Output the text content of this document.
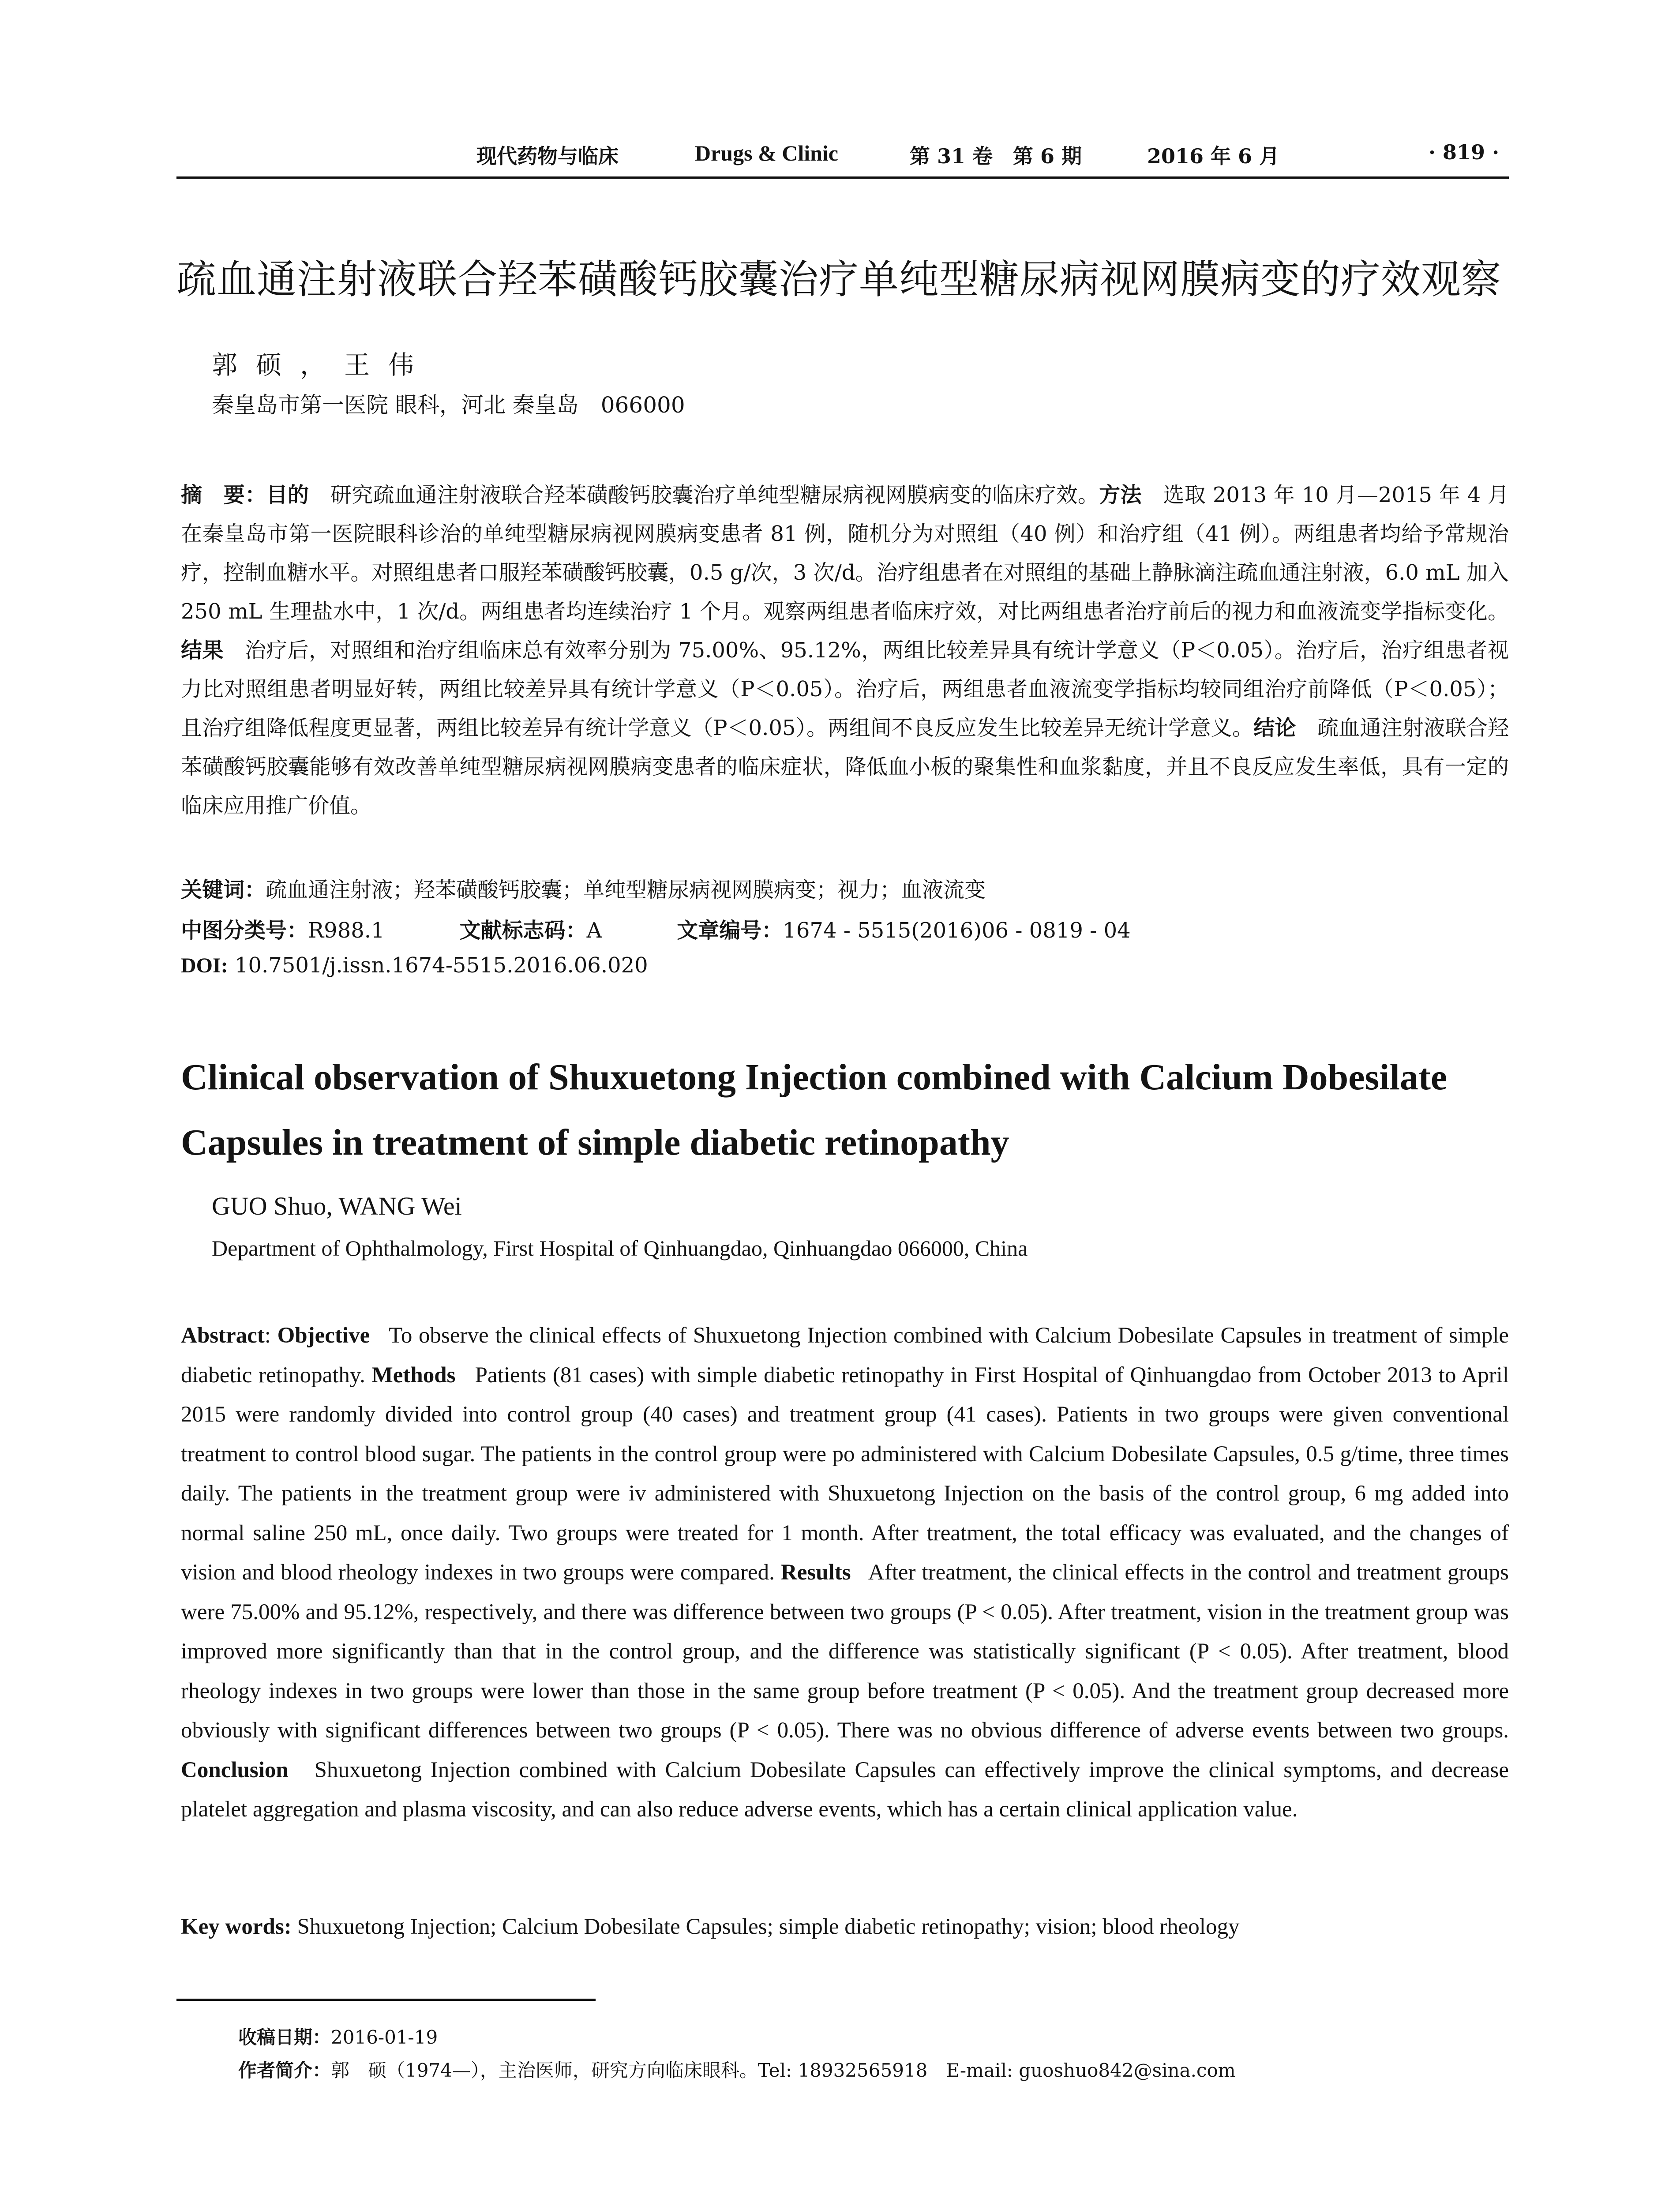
现代药物与临床	Drugs & Clinic	第 31 卷　第 6 期	2016 年 6 月	· 819 ·
疏血通注射液联合羟苯磺酸钙胶囊治疗单纯型糖尿病视网膜病变的疗效观察
郭硕，王伟
秦皇岛市第一医院 眼科，河北 秦皇岛　066000
摘　要：目的　研究疏血通注射液联合羟苯磺酸钙胶囊治疗单纯型糖尿病视网膜病变的临床疗效。方法　选取 2013 年 10 月—2015 年 4 月在秦皇岛市第一医院眼科诊治的单纯型糖尿病视网膜病变患者 81 例，随机分为对照组（40 例）和治疗组（41 例）。两组患者均给予常规治疗，控制血糖水平。对照组患者口服羟苯磺酸钙胶囊，0.5 g/次，3 次/d。治疗组患者在对照组的基础上静脉滴注疏血通注射液，6.0 mL 加入 250 mL 生理盐水中，1 次/d。两组患者均连续治疗 1 个月。观察两组患者临床疗效，对比两组患者治疗前后的视力和血液流变学指标变化。结果　治疗后，对照组和治疗组临床总有效率分别为 75.00%、95.12%，两组比较差异具有统计学意义（P＜0.05）。治疗后，治疗组患者视力比对照组患者明显好转，两组比较差异具有统计学意义（P＜0.05）。治疗后，两组患者血液流变学指标均较同组治疗前降低（P＜0.05）；且治疗组降低程度更显著，两组比较差异有统计学意义（P＜0.05）。两组间不良反应发生比较差异无统计学意义。结论　疏血通注射液联合羟苯磺酸钙胶囊能够有效改善单纯型糖尿病视网膜病变患者的临床症状，降低血小板的聚集性和血浆黏度，并且不良反应发生率低，具有一定的临床应用推广价值。
关键词：疏血通注射液；羟苯磺酸钙胶囊；单纯型糖尿病视网膜病变；视力；血液流变
中图分类号：R988.1	文献标志码：A	文章编号：1674 - 5515(2016)06 - 0819 - 04
DOI: 10.7501/j.issn.1674-5515.2016.06.020
Clinical observation of Shuxuetong Injection combined with Calcium Dobesilate Capsules in treatment of simple diabetic retinopathy
GUO Shuo, WANG Wei
Department of Ophthalmology, First Hospital of Qinhuangdao, Qinhuangdao 066000, China
Abstract: Objective To observe the clinical effects of Shuxuetong Injection combined with Calcium Dobesilate Capsules in treatment of simple diabetic retinopathy. Methods Patients (81 cases) with simple diabetic retinopathy in First Hospital of Qinhuangdao from October 2013 to April 2015 were randomly divided into control group (40 cases) and treatment group (41 cases). Patients in two groups were given conventional treatment to control blood sugar. The patients in the control group were po administered with Calcium Dobesilate Capsules, 0.5 g/time, three times daily. The patients in the treatment group were iv administered with Shuxuetong Injection on the basis of the control group, 6 mg added into normal saline 250 mL, once daily. Two groups were treated for 1 month. After treatment, the total efficacy was evaluated, and the changes of vision and blood rheology indexes in two groups were compared. Results After treatment, the clinical effects in the control and treatment groups were 75.00% and 95.12%, respectively, and there was difference between two groups (P < 0.05). After treatment, vision in the treatment group was improved more significantly than that in the control group, and the difference was statistically significant (P < 0.05). After treatment, blood rheology indexes in two groups were lower than those in the same group before treatment (P < 0.05). And the treatment group decreased more obviously with significant differences between two groups (P < 0.05). There was no obvious difference of adverse events between two groups. Conclusion Shuxuetong Injection combined with Calcium Dobesilate Capsules can effectively improve the clinical symptoms, and decrease platelet aggregation and plasma viscosity, and can also reduce adverse events, which has a certain clinical application value.
Key words: Shuxuetong Injection; Calcium Dobesilate Capsules; simple diabetic retinopathy; vision; blood rheology
收稿日期：2016-01-19
作者简介：郭　硕（1974—），主治医师，研究方向临床眼科。Tel: 18932565918　E-mail: guoshuo842@sina.com
